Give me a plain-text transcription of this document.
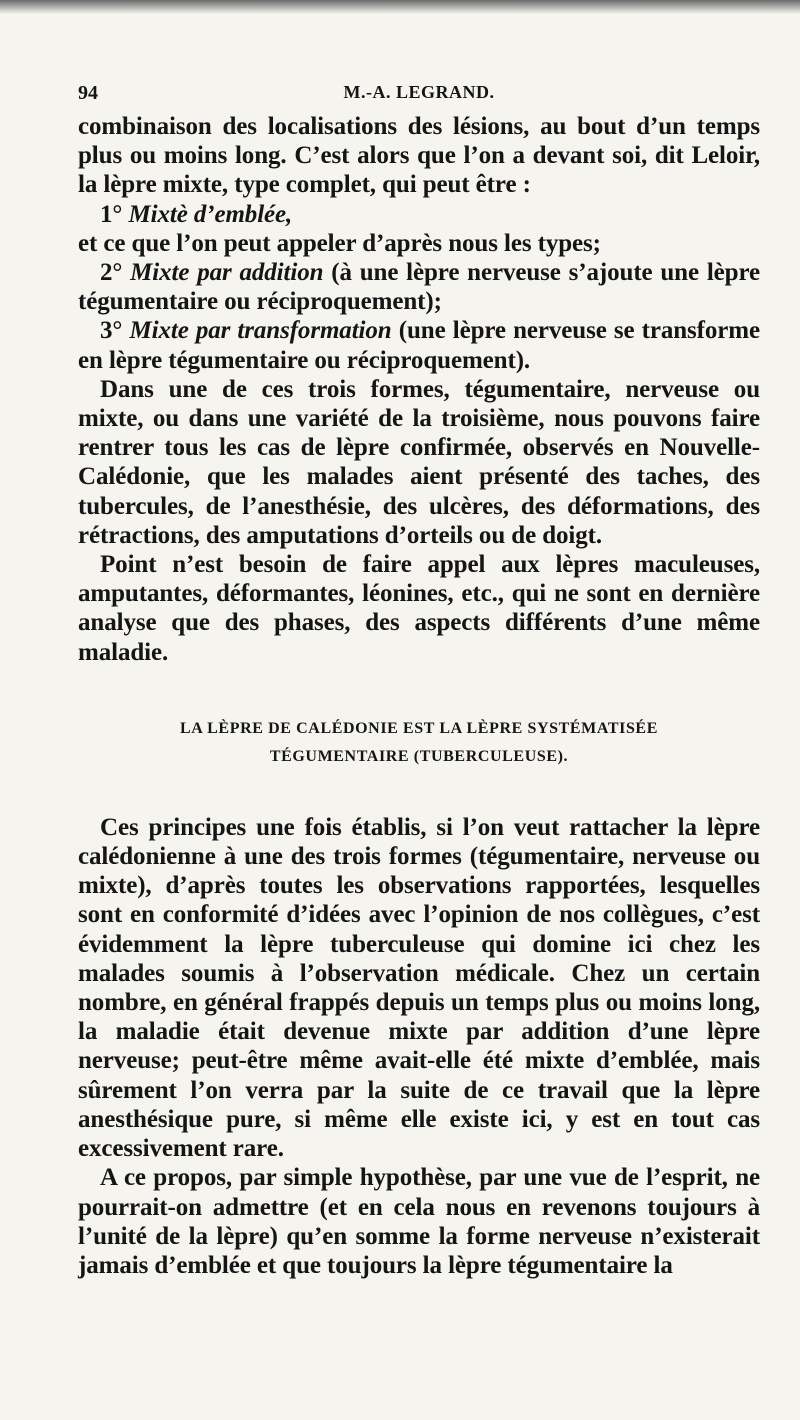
94	M.-A. LEGRAND.

combinaison des localisations des lésions, au bout d’un temps plus ou moins long. C’est alors que l’on a devant soi, dit Leloir, la lèpre mixte, type complet, qui peut être :

1° Mixtè d’emblée,

et ce que l’on peut appeler d’après nous les types;

2° Mixte par addition (à une lèpre nerveuse s’ajoute une lèpre tégumentaire ou réciproquement);

3° Mixte par transformation (une lèpre nerveuse se transforme en lèpre tégumentaire ou réciproquement).

Dans une de ces trois formes, tégumentaire, nerveuse ou mixte, ou dans une variété de la troisième, nous pouvons faire rentrer tous les cas de lèpre confirmée, observés en Nouvelle-Calédonie, que les malades aient présenté des taches, des tubercules, de l’anesthésie, des ulcères, des déformations, des rétractions, des amputations d’orteils ou de doigt.

Point n’est besoin de faire appel aux lèpres maculeuses, amputantes, déformantes, léonines, etc., qui ne sont en dernière analyse que des phases, des aspects différents d’une même maladie.

LA LÈPRE DE CALÉDONIE EST LA LÈPRE SYSTÉMATISÉE
TÉGUMENTAIRE (TUBERCULEUSE).

Ces principes une fois établis, si l’on veut rattacher la lèpre calédonienne à une des trois formes (tégumentaire, nerveuse ou mixte), d’après toutes les observations rapportées, lesquelles sont en conformité d’idées avec l’opinion de nos collègues, c’est évidemment la lèpre tuberculeuse qui domine ici chez les malades soumis à l’observation médicale. Chez un certain nombre, en général frappés depuis un temps plus ou moins long, la maladie était devenue mixte par addition d’une lèpre nerveuse; peut-être même avait-elle été mixte d’emblée, mais sûrement l’on verra par la suite de ce travail que la lèpre anesthésique pure, si même elle existe ici, y est en tout cas excessivement rare.

A ce propos, par simple hypothèse, par une vue de l’esprit, ne pourrait-on admettre (et en cela nous en revenons toujours à l’unité de la lèpre) qu’en somme la forme nerveuse n’existerait jamais d’emblée et que toujours la lèpre tégumentaire la
